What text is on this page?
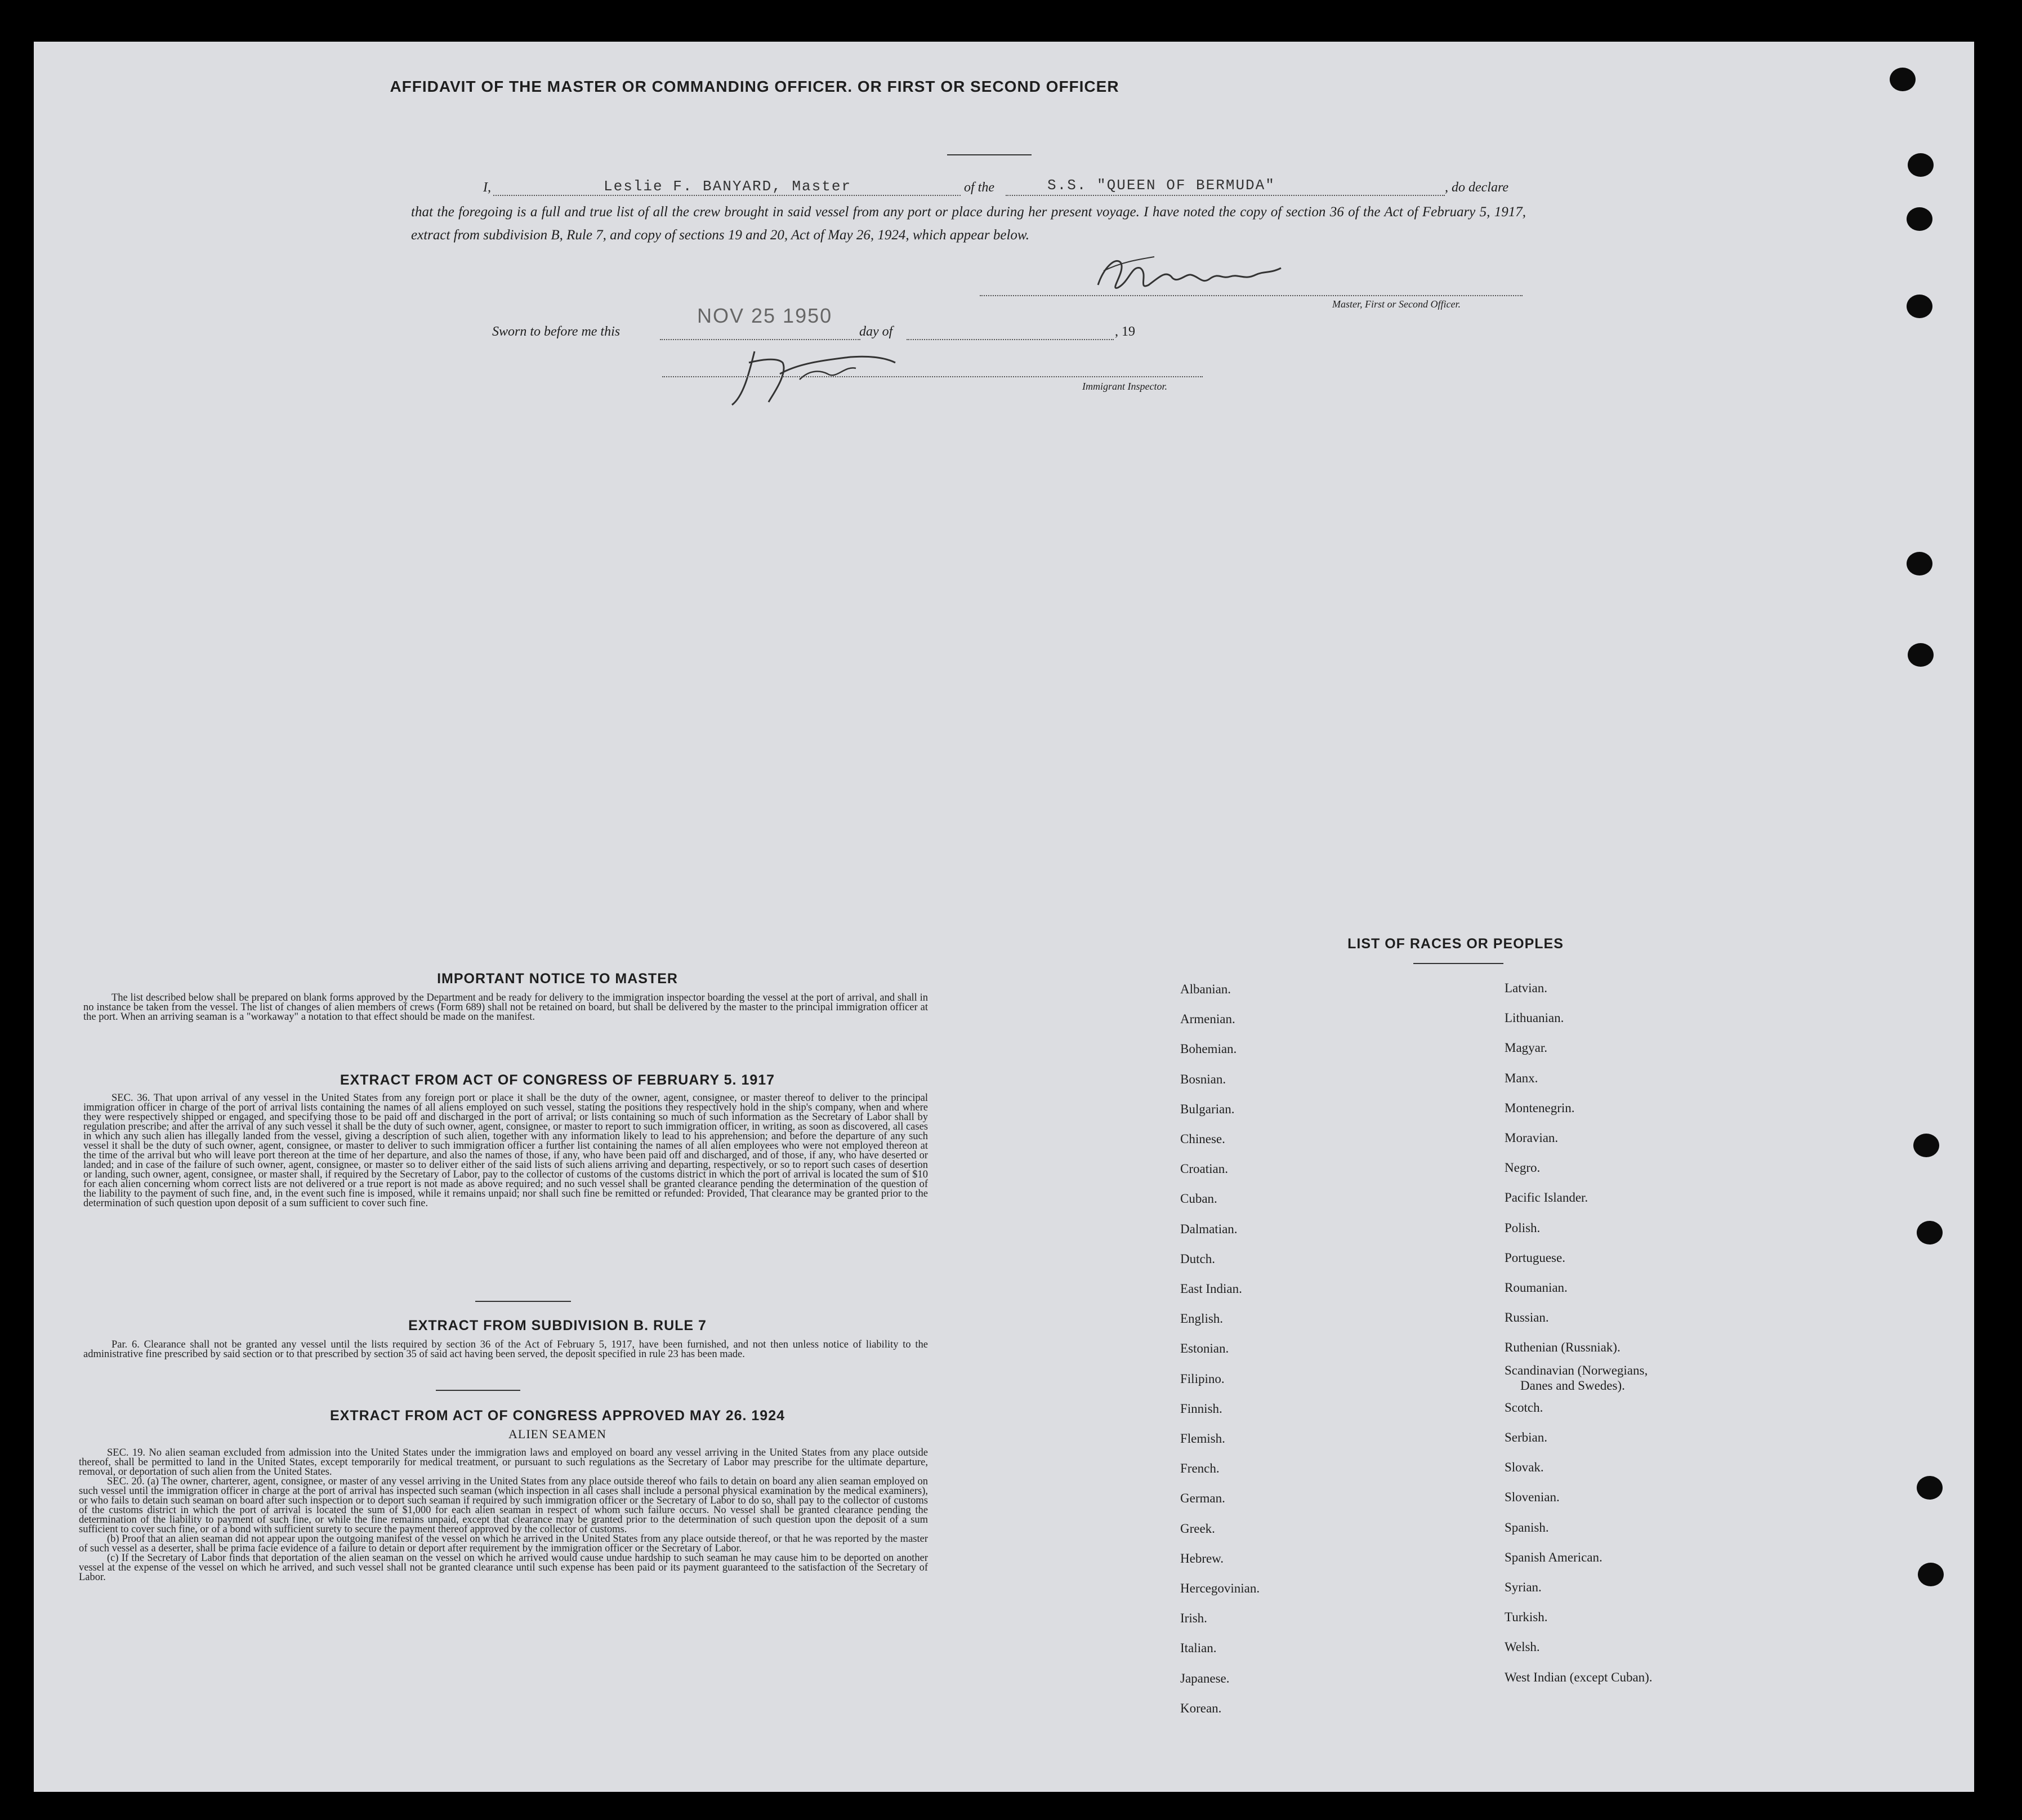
AFFIDAVIT OF THE MASTER OR COMMANDING OFFICER. OR FIRST OR SECOND OFFICER
I,	Leslie F. BANYARD, Master	of the	S.S. "QUEEN OF BERMUDA"	, do declare
that the foregoing is a full and true list of all the crew brought in said vessel from any port or place during her present voyage. I have noted the copy of section 36 of the Act of February 5, 1917, extract from subdivision B, Rule 7, and copy of sections 19 and 20, Act of May 26, 1924, which appear below.
Master, First or Second Officer.
Sworn to before me this
NOV 25 1950
day of	, 19
Immigrant Inspector.
IMPORTANT NOTICE TO MASTER

The list described below shall be prepared on blank forms approved by the Department and be ready for delivery to the immigration inspector boarding the vessel at the port of arrival, and shall in no instance be taken from the vessel. The list of changes of alien members of crews (Form 689) shall not be retained on board, but shall be delivered by the master to the principal immigration officer at the port. When an arriving seaman is a "workaway" a notation to that effect should be made on the manifest.

EXTRACT FROM ACT OF CONGRESS OF FEBRUARY 5. 1917

SEC. 36. That upon arrival of any vessel in the United States from any foreign port or place it shall be the duty of the owner, agent, consignee, or master thereof to deliver to the principal immigration officer in charge of the port of arrival lists containing the names of all aliens employed on such vessel, stating the positions they respectively hold in the ship's company, when and where they were respectively shipped or engaged, and specifying those to be paid off and discharged in the port of arrival; or lists containing so much of such information as the Secretary of Labor shall by regulation prescribe; and after the arrival of any such vessel it shall be the duty of such owner, agent, consignee, or master to report to such immigration officer, in writing, as soon as discovered, all cases in which any such alien has illegally landed from the vessel, giving a description of such alien, together with any information likely to lead to his apprehension; and before the departure of any such vessel it shall be the duty of such owner, agent, consignee, or master to deliver to such immigration officer a further list containing the names of all alien employees who were not employed thereon at the time of the arrival but who will leave port thereon at the time of her departure, and also the names of those, if any, who have been paid off and discharged, and of those, if any, who have deserted or landed; and in case of the failure of such owner, agent, consignee, or master so to deliver either of the said lists of such aliens arriving and departing, respectively, or so to report such cases of desertion or landing, such owner, agent, consignee, or master shall, if required by the Secretary of Labor, pay to the collector of customs of the customs district in which the port of arrival is located the sum of $10 for each alien concerning whom correct lists are not delivered or a true report is not made as above required; and no such vessel shall be granted clearance pending the determination of the question of the liability to the payment of such fine, and, in the event such fine is imposed, while it remains unpaid; nor shall such fine be remitted or refunded: Provided, That clearance may be granted prior to the determination of such question upon deposit of a sum sufficient to cover such fine.

EXTRACT FROM SUBDIVISION B. RULE 7

Par. 6. Clearance shall not be granted any vessel until the lists required by section 36 of the Act of February 5, 1917, have been furnished, and not then unless notice of liability to the administrative fine prescribed by said section or to that prescribed by section 35 of said act having been served, the deposit specified in rule 23 has been made.

EXTRACT FROM ACT OF CONGRESS APPROVED MAY 26. 1924
ALIEN SEAMEN

SEC. 19. No alien seaman excluded from admission into the United States under the immigration laws and employed on board any vessel arriving in the United States from any place outside thereof, shall be permitted to land in the United States, except temporarily for medical treatment, or pursuant to such regulations as the Secretary of Labor may prescribe for the ultimate departure, removal, or deportation of such alien from the United States.

SEC. 20. (a) The owner, charterer, agent, consignee, or master of any vessel arriving in the United States from any place outside thereof who fails to detain on board any alien seaman employed on such vessel until the immigration officer in charge at the port of arrival has inspected such seaman (which inspection in all cases shall include a personal physical examination by the medical examiners), or who fails to detain such seaman on board after such inspection or to deport such seaman if required by such immigration officer or the Secretary of Labor to do so, shall pay to the collector of customs of the customs district in which the port of arrival is located the sum of $1,000 for each alien seaman in respect of whom such failure occurs. No vessel shall be granted clearance pending the determination of the liability to payment of such fine, or while the fine remains unpaid, except that clearance may be granted prior to the determination of such question upon the deposit of a sum sufficient to cover such fine, or of a bond with sufficient surety to secure the payment thereof approved by the collector of customs.

(b) Proof that an alien seaman did not appear upon the outgoing manifest of the vessel on which he arrived in the United States from any place outside thereof, or that he was reported by the master of such vessel as a deserter, shall be prima facie evidence of a failure to detain or deport after requirement by the immigration officer or the Secretary of Labor.

(c) If the Secretary of Labor finds that deportation of the alien seaman on the vessel on which he arrived would cause undue hardship to such seaman he may cause him to be deported on another vessel at the expense of the vessel on which he arrived, and such vessel shall not be granted clearance until such expense has been paid or its payment guaranteed to the satisfaction of the Secretary of Labor.

LIST OF RACES OR PEOPLES
Albanian.
Armenian.
Bohemian.
Bosnian.
Bulgarian.
Chinese.
Croatian.
Cuban.
Dalmatian.
Dutch.
East Indian.
English.
Estonian.
Filipino.
Finnish.
Flemish.
French.
German.
Greek.
Hebrew.
Hercegovinian.
Irish.
Italian.
Japanese.
Korean.
Latvian.
Lithuanian.
Magyar.
Manx.
Montenegrin.
Moravian.
Negro.
Pacific Islander.
Polish.
Portuguese.
Roumanian.
Russian.
Ruthenian (Russniak).
Scandinavian (Norwegians,
Danes and Swedes).
Scotch.
Serbian.
Slovak.
Slovenian.
Spanish.
Spanish American.
Syrian.
Turkish.
Welsh.
West Indian (except Cuban).
